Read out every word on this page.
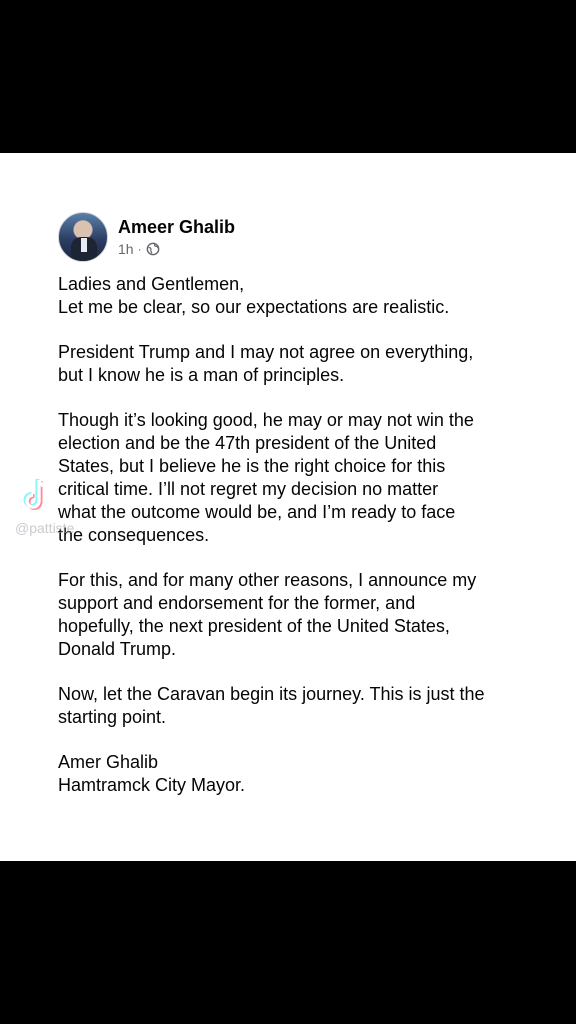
Ameer Ghalib
1h ·

Ladies and Gentlemen,
Let me be clear, so our expectations are realistic.

President Trump and I may not agree on everything,
but I know he is a man of principles.

Though it’s looking good, he may or may not win the
election and be the 47th president of the United
States, but I believe he is the right choice for this
critical time. I’ll not regret my decision no matter
what the outcome would be, and I’m ready to face
the consequences.

For this, and for many other reasons, I announce my
support and endorsement for the former, and
hopefully, the next president of the United States,
Donald Trump.

Now, let the Caravan begin its journey. This is just the
starting point.

Amer Ghalib
Hamtramck City Mayor.

@pattiste
